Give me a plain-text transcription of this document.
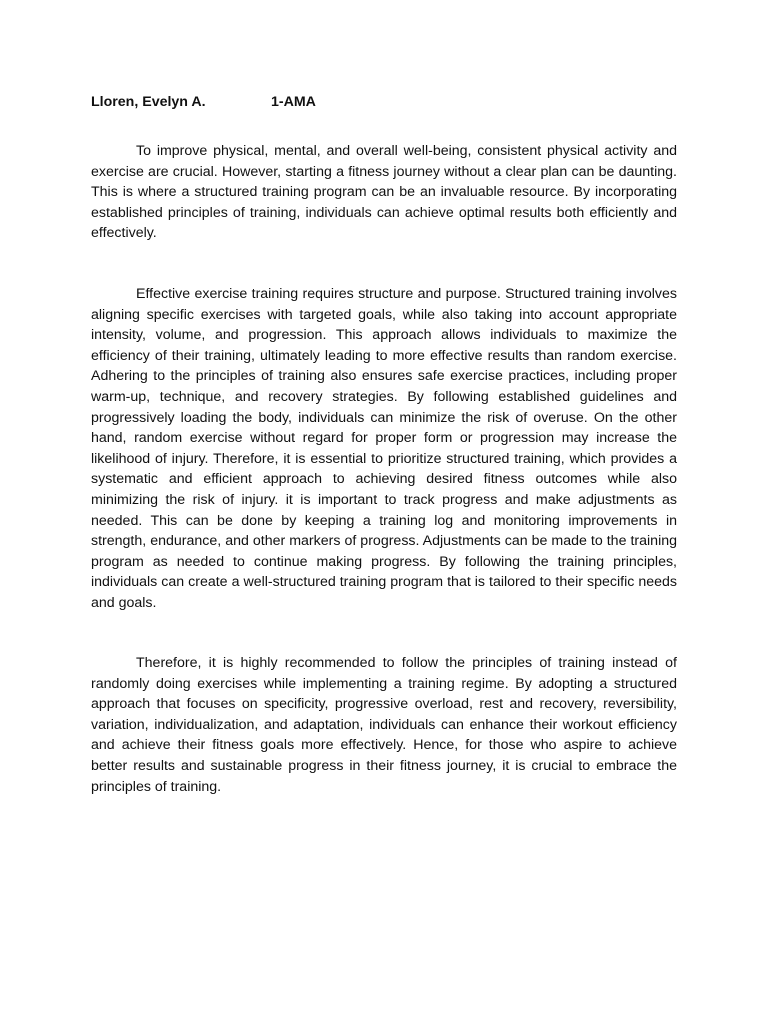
Lloren, Evelyn A.	1-AMA

To improve physical, mental, and overall well-being, consistent physical activity and exercise are crucial. However, starting a fitness journey without a clear plan can be daunting. This is where a structured training program can be an invaluable resource. By incorporating established principles of training, individuals can achieve optimal results both efficiently and effectively.

Effective exercise training requires structure and purpose. Structured training involves aligning specific exercises with targeted goals, while also taking into account appropriate intensity, volume, and progression. This approach allows individuals to maximize the efficiency of their training, ultimately leading to more effective results than random exercise. Adhering to the principles of training also ensures safe exercise practices, including proper warm-up, technique, and recovery strategies. By following established guidelines and progressively loading the body, individuals can minimize the risk of overuse. On the other hand, random exercise without regard for proper form or progression may increase the likelihood of injury. Therefore, it is essential to prioritize structured training, which provides a systematic and efficient approach to achieving desired fitness outcomes while also minimizing the risk of injury. it is important to track progress and make adjustments as needed. This can be done by keeping a training log and monitoring improvements in strength, endurance, and other markers of progress. Adjustments can be made to the training program as needed to continue making progress. By following the training principles, individuals can create a well-structured training program that is tailored to their specific needs and goals.

Therefore, it is highly recommended to follow the principles of training instead of randomly doing exercises while implementing a training regime. By adopting a structured approach that focuses on specificity, progressive overload, rest and recovery, reversibility, variation, individualization, and adaptation, individuals can enhance their workout efficiency and achieve their fitness goals more effectively. Hence, for those who aspire to achieve better results and sustainable progress in their fitness journey, it is crucial to embrace the principles of training.
